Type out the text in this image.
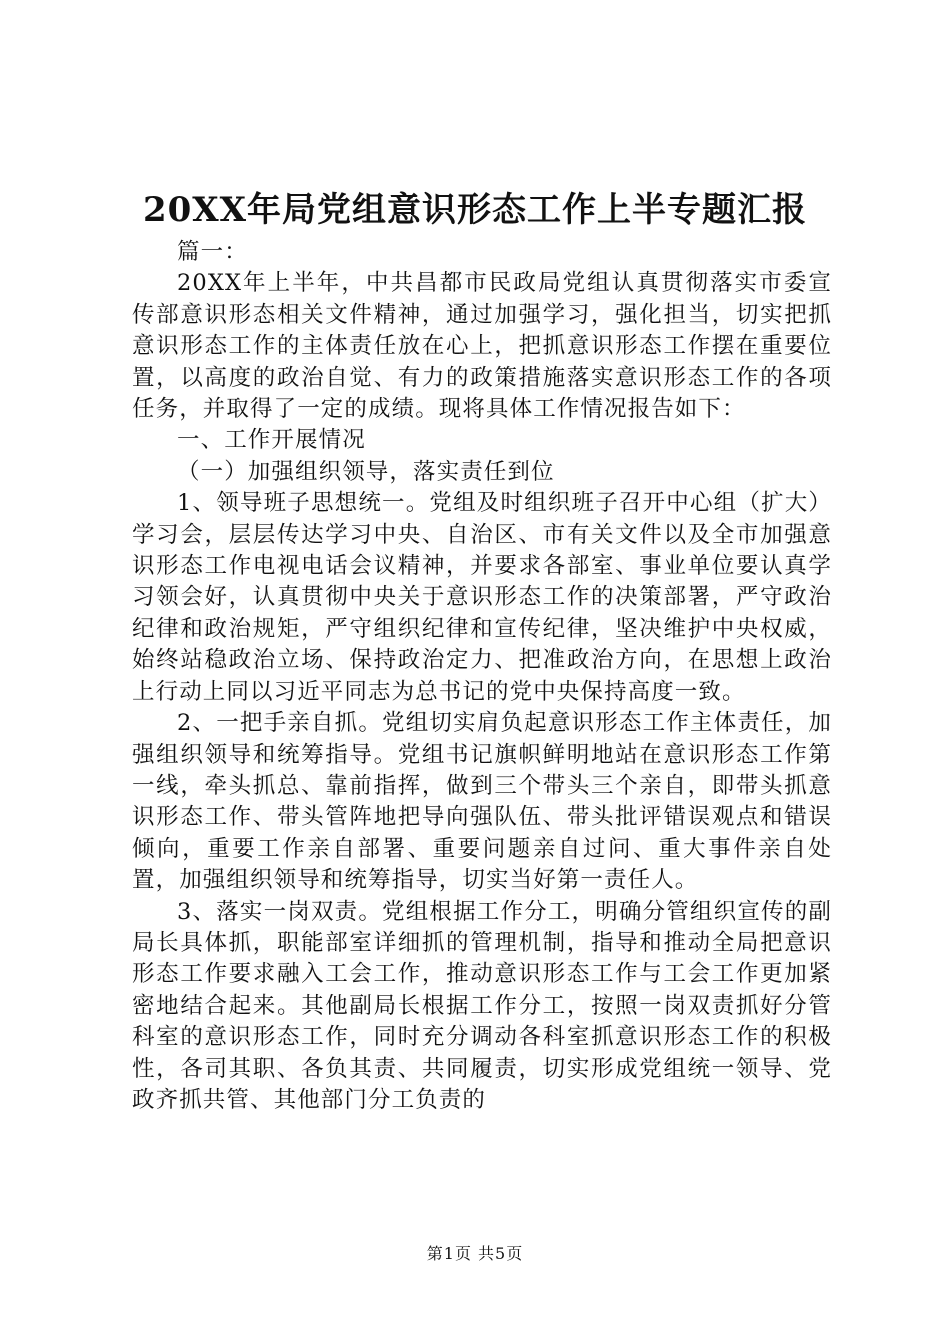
20XX年局党组意识形态工作上半专题汇报

篇一：

20XX年上半年，中共昌都市民政局党组认真贯彻落实市委宣传部意识形态相关文件精神，通过加强学习，强化担当，切实把抓意识形态工作的主体责任放在心上，把抓意识形态工作摆在重要位置，以高度的政治自觉、有力的政策措施落实意识形态工作的各项任务，并取得了一定的成绩。现将具体工作情况报告如下：

一、工作开展情况

（一）加强组织领导，落实责任到位

1、领导班子思想统一。党组及时组织班子召开中心组（扩大）学习会，层层传达学习中央、自治区、市有关文件以及全市加强意识形态工作电视电话会议精神，并要求各部室、事业单位要认真学习领会好，认真贯彻中央关于意识形态工作的决策部署，严守政治纪律和政治规矩，严守组织纪律和宣传纪律，坚决维护中央权威，始终站稳政治立场、保持政治定力、把准政治方向，在思想上政治上行动上同以习近平同志为总书记的党中央保持高度一致。

2、一把手亲自抓。党组切实肩负起意识形态工作主体责任，加强组织领导和统筹指导。党组书记旗帜鲜明地站在意识形态工作第一线，牵头抓总、靠前指挥，做到三个带头三个亲自，即带头抓意识形态工作、带头管阵地把导向强队伍、带头批评错误观点和错误倾向，重要工作亲自部署、重要问题亲自过问、重大事件亲自处置，加强组织领导和统筹指导，切实当好第一责任人。

3、落实一岗双责。党组根据工作分工，明确分管组织宣传的副局长具体抓，职能部室详细抓的管理机制，指导和推动全局把意识形态工作要求融入工会工作，推动意识形态工作与工会工作更加紧密地结合起来。其他副局长根据工作分工，按照一岗双责抓好分管科室的意识形态工作，同时充分调动各科室抓意识形态工作的积极性，各司其职、各负其责、共同履责，切实形成党组统一领导、党政齐抓共管、其他部门分工负责的

第1页 共5页
